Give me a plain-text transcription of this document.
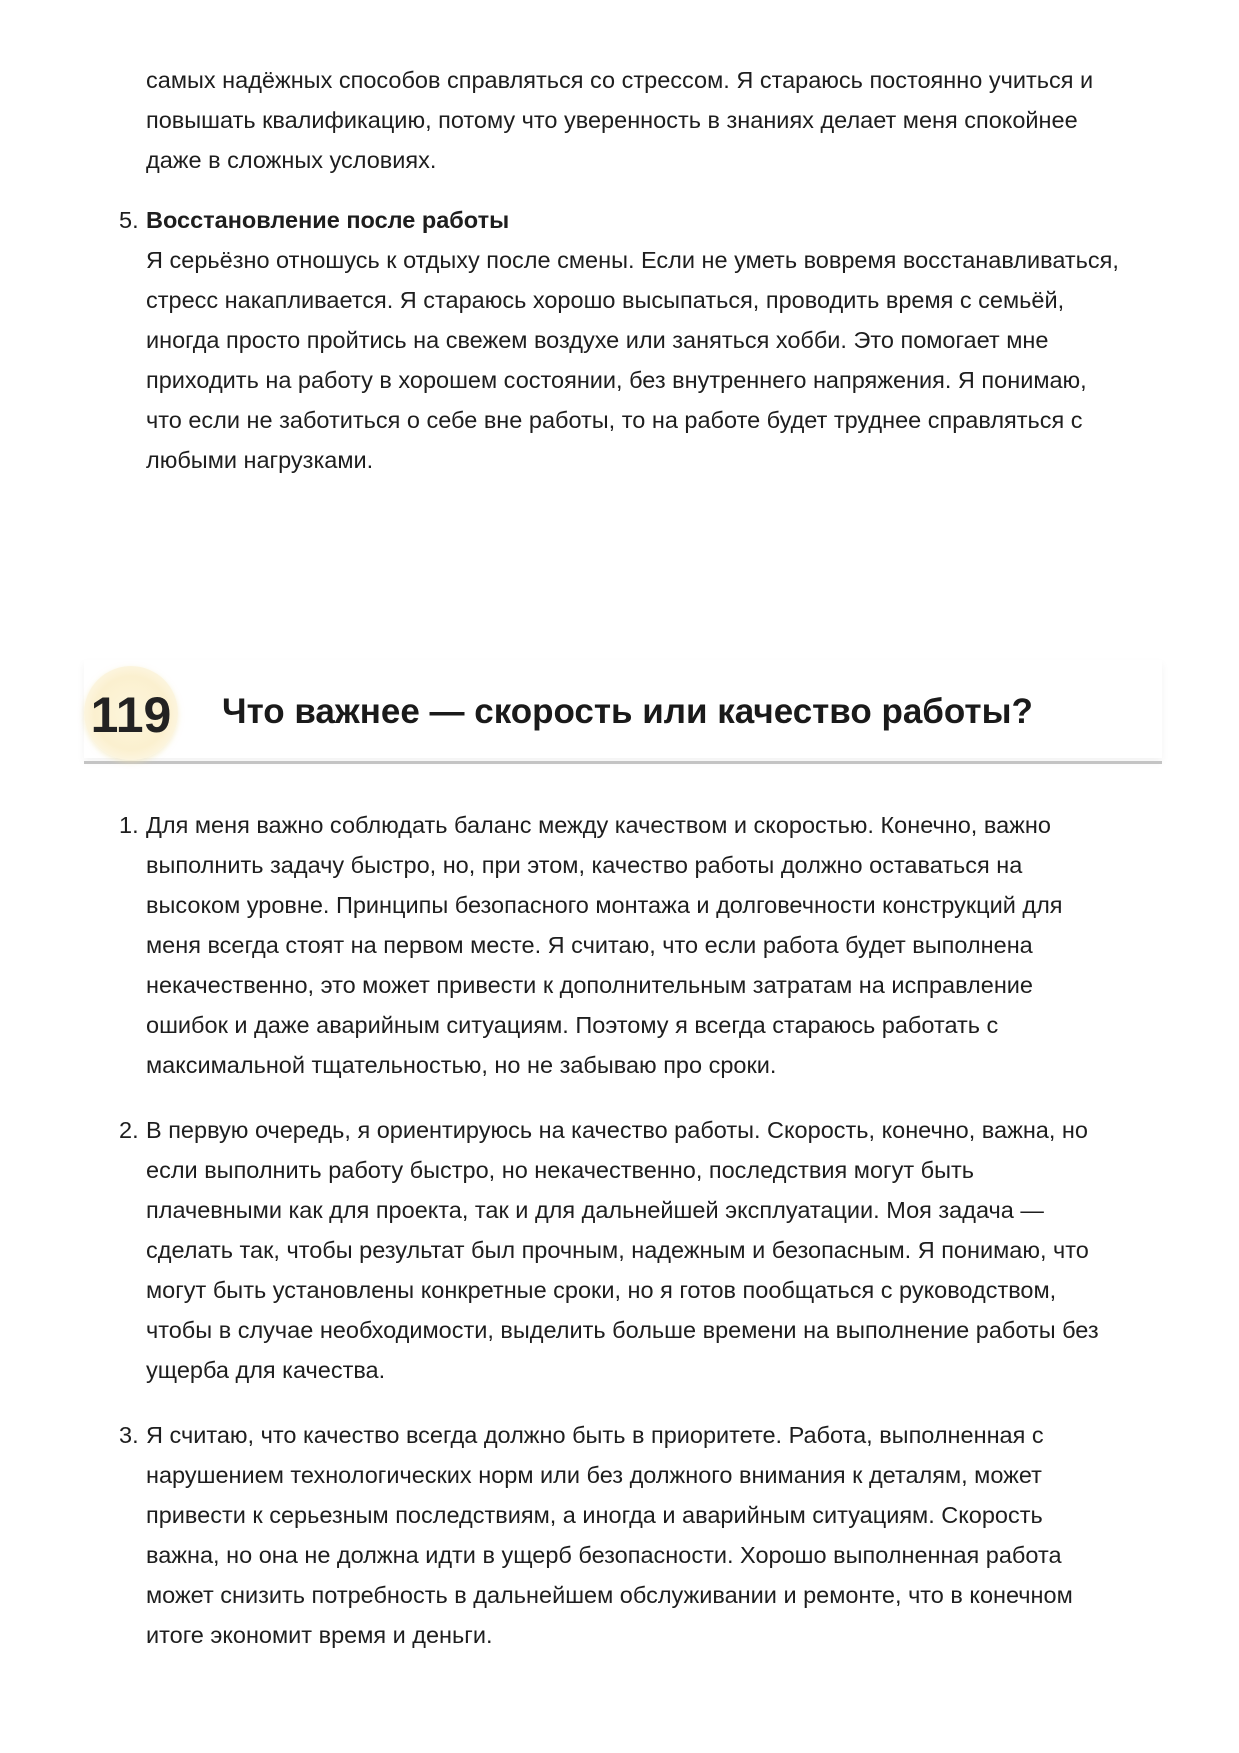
самых надёжных способов справляться со стрессом. Я стараюсь постоянно учиться и
повышать квалификацию, потому что уверенность в знаниях делает меня спокойнее
даже в сложных условиях.
5. Восстановление после работы
Я серьёзно отношусь к отдыху после смены. Если не уметь вовремя восстанавливаться,
стресс накапливается. Я стараюсь хорошо высыпаться, проводить время с семьёй,
иногда просто пройтись на свежем воздухе или заняться хобби. Это помогает мне
приходить на работу в хорошем состоянии, без внутреннего напряжения. Я понимаю,
что если не заботиться о себе вне работы, то на работе будет труднее справляться с
любыми нагрузками.
119 Что важнее — скорость или качество работы?
1. Для меня важно соблюдать баланс между качеством и скоростью. Конечно, важно
выполнить задачу быстро, но, при этом, качество работы должно оставаться на
высоком уровне. Принципы безопасного монтажа и долговечности конструкций для
меня всегда стоят на первом месте. Я считаю, что если работа будет выполнена
некачественно, это может привести к дополнительным затратам на исправление
ошибок и даже аварийным ситуациям. Поэтому я всегда стараюсь работать с
максимальной тщательностью, но не забываю про сроки.
2. В первую очередь, я ориентируюсь на качество работы. Скорость, конечно, важна, но
если выполнить работу быстро, но некачественно, последствия могут быть
плачевными как для проекта, так и для дальнейшей эксплуатации. Моя задача —
сделать так, чтобы результат был прочным, надежным и безопасным. Я понимаю, что
могут быть установлены конкретные сроки, но я готов пообщаться с руководством,
чтобы в случае необходимости, выделить больше времени на выполнение работы без
ущерба для качества.
3. Я считаю, что качество всегда должно быть в приоритете. Работа, выполненная с
нарушением технологических норм или без должного внимания к деталям, может
привести к серьезным последствиям, а иногда и аварийным ситуациям. Скорость
важна, но она не должна идти в ущерб безопасности. Хорошо выполненная работа
может снизить потребность в дальнейшем обслуживании и ремонте, что в конечном
итоге экономит время и деньги.
